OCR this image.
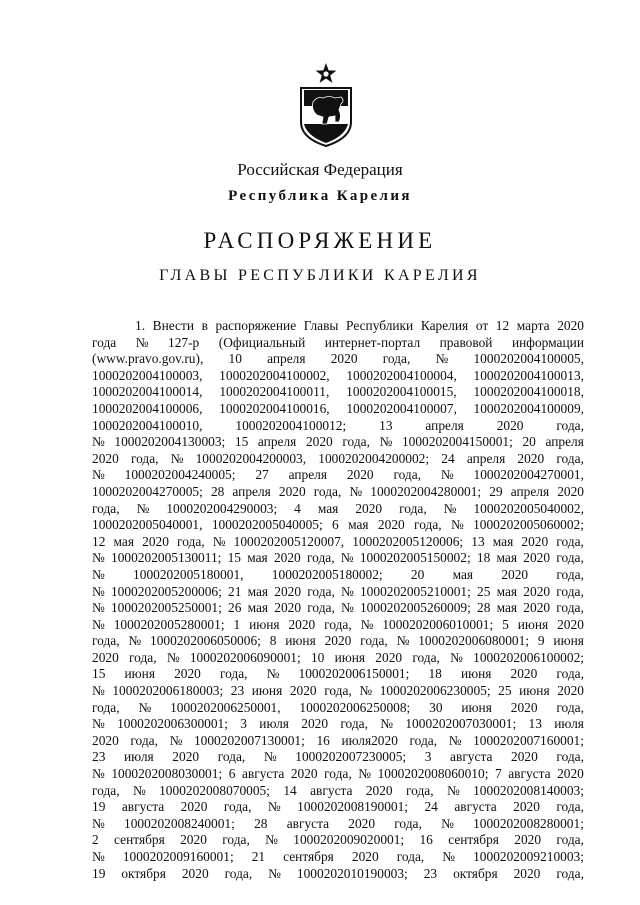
Российская Федерация
Республика Карелия
РАСПОРЯЖЕНИЕ
ГЛАВЫ РЕСПУБЛИКИ КАРЕЛИЯ
1. Внести в распоряжение Главы Республики Карелия от 12 марта 2020
года № 127-р (Официальный интернет-портал правовой информации
(www.pravo.gov.ru), 10 апреля 2020 года, № 1000202004100005,
1000202004100003, 1000202004100002, 1000202004100004, 1000202004100013,
1000202004100014, 1000202004100011, 1000202004100015, 1000202004100018,
1000202004100006, 1000202004100016, 1000202004100007, 1000202004100009,
1000202004100010, 1000202004100012; 13 апреля 2020 года,
№ 1000202004130003; 15 апреля 2020 года, № 1000202004150001; 20 апреля
2020 года, № 1000202004200003, 1000202004200002; 24 апреля 2020 года,
№ 1000202004240005; 27 апреля 2020 года, № 1000202004270001,
1000202004270005; 28 апреля 2020 года, № 1000202004280001; 29 апреля 2020
года, № 1000202004290003; 4 мая 2020 года, № 1000202005040002,
1000202005040001, 1000202005040005; 6 мая 2020 года, № 1000202005060002;
12 мая 2020 года, № 1000202005120007, 1000202005120006; 13 мая 2020 года,
№ 1000202005130011; 15 мая 2020 года, № 1000202005150002; 18 мая 2020 года,
№ 1000202005180001, 1000202005180002; 20 мая 2020 года,
№ 1000202005200006; 21 мая 2020 года, № 1000202005210001; 25 мая 2020 года,
№ 1000202005250001; 26 мая 2020 года, № 1000202005260009; 28 мая 2020 года,
№ 1000202005280001; 1 июня 2020 года, № 1000202006010001; 5 июня 2020
года, № 1000202006050006; 8 июня 2020 года, № 1000202006080001; 9 июня
2020 года, № 1000202006090001; 10 июня 2020 года, № 1000202006100002;
15 июня 2020 года, № 1000202006150001; 18 июня 2020 года,
№ 1000202006180003; 23 июня 2020 года, № 1000202006230005; 25 июня 2020
года, № 1000202006250001, 1000202006250008; 30 июня 2020 года,
№ 1000202006300001; 3 июля 2020 года, № 1000202007030001; 13 июля
2020 года, № 1000202007130001; 16 июля2020 года, № 1000202007160001;
23 июля 2020 года, № 1000202007230005; 3 августа 2020 года,
№ 1000202008030001; 6 августа 2020 года, № 1000202008060010; 7 августа 2020
года, № 1000202008070005; 14 августа 2020 года, № 1000202008140003;
19 августа 2020 года, № 1000202008190001; 24 августа 2020 года,
№ 1000202008240001; 28 августа 2020 года, № 1000202008280001;
2 сентября 2020 года, № 1000202009020001; 16 сентября 2020 года,
№ 1000202009160001; 21 сентября 2020 года, № 1000202009210003;
19 октября 2020 года, № 1000202010190003; 23 октября 2020 года,
